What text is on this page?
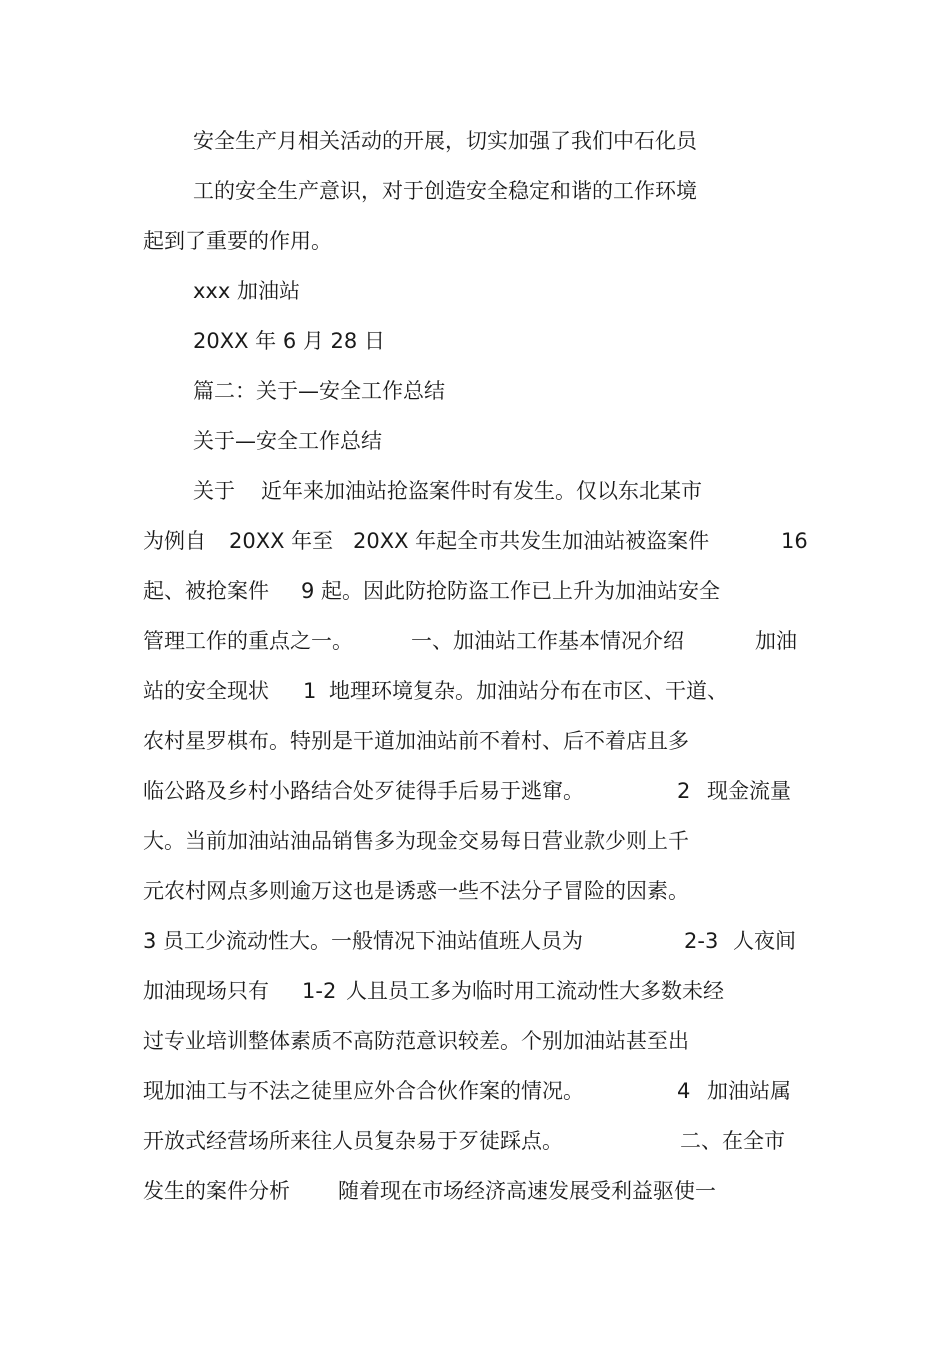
安全生产月相关活动的开展，切实加强了我们中石化员

工的安全生产意识，对于创造安全稳定和谐的工作环境

起到了重要的作用。

xxx 加油站

20XX 年 6 月 28 日

篇二：关于—安全工作总结

关于—安全工作总结

关于

近年来加油站抢盗案件时有发生。仅以东北某市

为例自

20XX 年至

20XX 年起全市共发生加油站被盗案件

	16

起、被抢案件

9 起。因此防抢防盗工作已上升为加油站安全

管理工作的重点之一。

	一、加油站工作基本情况介绍

	加油

站的安全现状

1

地理环境复杂。加油站分布在市区、干道、

农村星罗棋布。特别是干道加油站前不着村、后不着店且多

临公路及乡村小路结合处歹徒得手后易于逃窜。

	2

现金流量

大。当前加油站油品销售多为现金交易每日营业款少则上千

元农村网点多则逾万这也是诱惑一些不法分子冒险的因素。

3 员工少流动性大。一般情况下油站值班人员为

	2-3

人夜间

加油现场只有

1-2

人且员工多为临时用工流动性大多数未经

过专业培训整体素质不高防范意识较差。个别加油站甚至出

现加油工与不法之徒里应外合合伙作案的情况。

	4

加油站属

开放式经营场所来往人员复杂易于歹徒踩点。

	二、在全市

发生的案件分析

随着现在市场经济高速发展受利益驱使一
